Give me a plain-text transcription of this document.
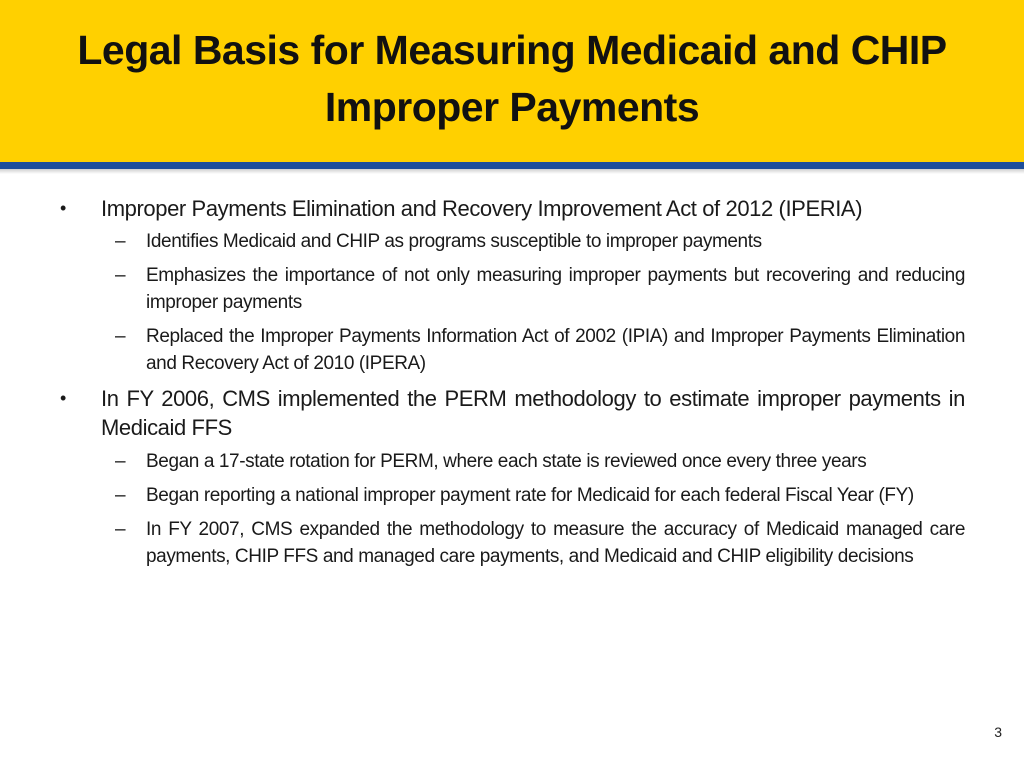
Legal Basis for Measuring Medicaid and CHIP
Improper Payments
•	Improper Payments Elimination and Recovery Improvement Act of 2012 (IPERIA)
–	Identifies Medicaid and CHIP as programs susceptible to improper payments
–	Emphasizes the importance of not only measuring improper payments but recovering and reducing improper payments
–	Replaced the Improper Payments Information Act of 2002 (IPIA) and Improper Payments Elimination and Recovery Act of 2010 (IPERA)
•	In FY 2006, CMS implemented the PERM methodology to estimate improper payments in Medicaid FFS
–	Began a 17-state rotation for PERM, where each state is reviewed once every three years
–	Began reporting a national improper payment rate for Medicaid for each federal Fiscal Year (FY)
–	In FY 2007, CMS expanded the methodology to measure the accuracy of Medicaid managed care payments, CHIP FFS and managed care payments, and Medicaid and CHIP eligibility decisions
3
